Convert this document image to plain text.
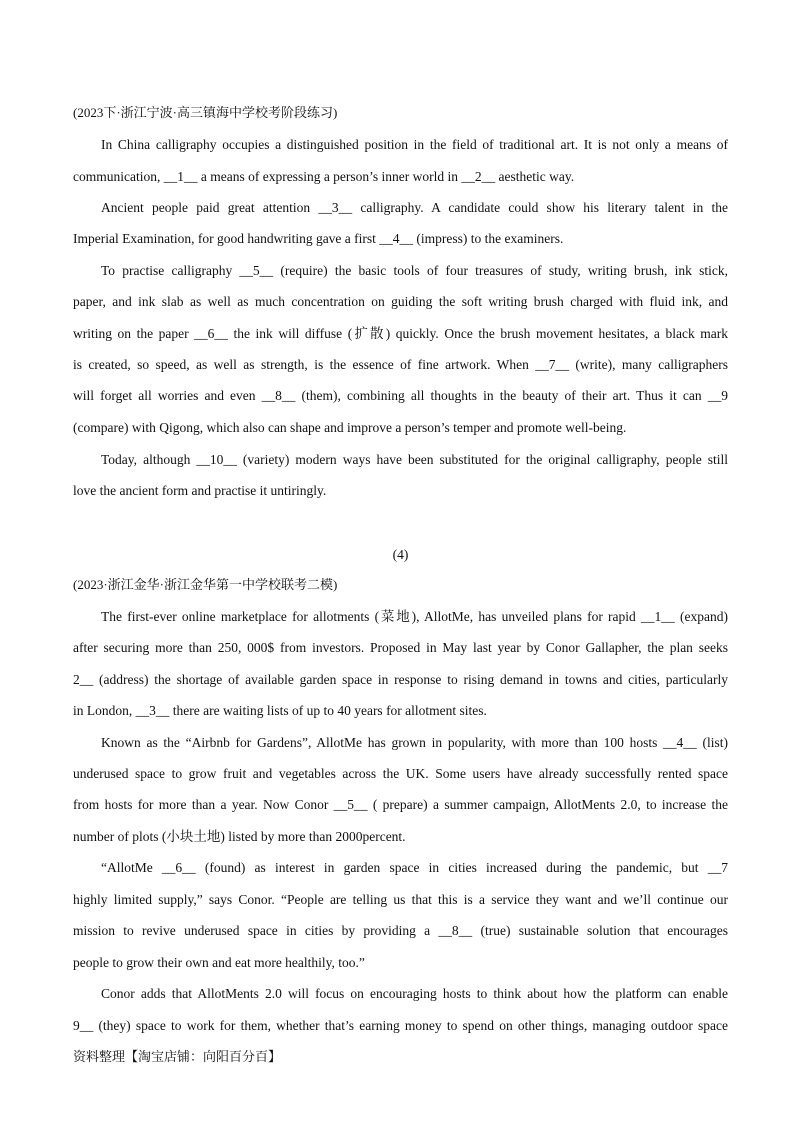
(2023下·浙江宁波·高三镇海中学校考阶段练习)
In China calligraphy occupies a distinguished position in the field of traditional art. It is not only a means of
communication, __1__ a means of expressing a person’s inner world in __2__ aesthetic way.
Ancient people paid great attention __3__ calligraphy. A candidate could show his literary talent in the
Imperial Examination, for good handwriting gave a first __4__ (impress) to the examiners.
To practise calligraphy __5__ (require) the basic tools of four treasures of study, writing brush, ink stick,
paper, and ink slab as well as much concentration on guiding the soft writing brush charged with fluid ink, and
writing on the paper __6__ the ink will diffuse (扩散) quickly. Once the brush movement hesitates, a black mark
is created, so speed, as well as strength, is the essence of fine artwork. When __7__ (write), many calligraphers
will forget all worries and even __8__ (them), combining all thoughts in the beauty of their art. Thus it can __9
(compare) with Qigong, which also can shape and improve a person’s temper and promote well-being.
Today, although __10__ (variety) modern ways have been substituted for the original calligraphy, people still
love the ancient form and practise it untiringly.
(4)
(2023·浙江金华·浙江金华第一中学校联考二模)
The first-ever online marketplace for allotments (菜地), AllotMe, has unveiled plans for rapid __1__ (expand)
after securing more than 250, 000$ from investors. Proposed in May last year by Conor Gallapher, the plan seeks
2__ (address) the shortage of available garden space in response to rising demand in towns and cities, particularly
in London, __3__ there are waiting lists of up to 40 years for allotment sites.
Known as the “Airbnb for Gardens”, AllotMe has grown in popularity, with more than 100 hosts __4__ (list)
underused space to grow fruit and vegetables across the UK. Some users have already successfully rented space
from hosts for more than a year. Now Conor __5__ ( prepare) a summer campaign, AllotMents 2.0, to increase the
number of plots (小块土地) listed by more than 2000percent.
“AllotMe __6__ (found) as interest in garden space in cities increased during the pandemic, but __7
highly limited supply,” says Conor. “People are telling us that this is a service they want and we’ll continue our
mission to revive underused space in cities by providing a __8__ (true) sustainable solution that encourages
people to grow their own and eat more healthily, too.”
Conor adds that AllotMents 2.0 will focus on encouraging hosts to think about how the platform can enable
9__ (they) space to work for them, whether that’s earning money to spend on other things, managing outdoor space
资料整理【淘宝店铺：向阳百分百】
